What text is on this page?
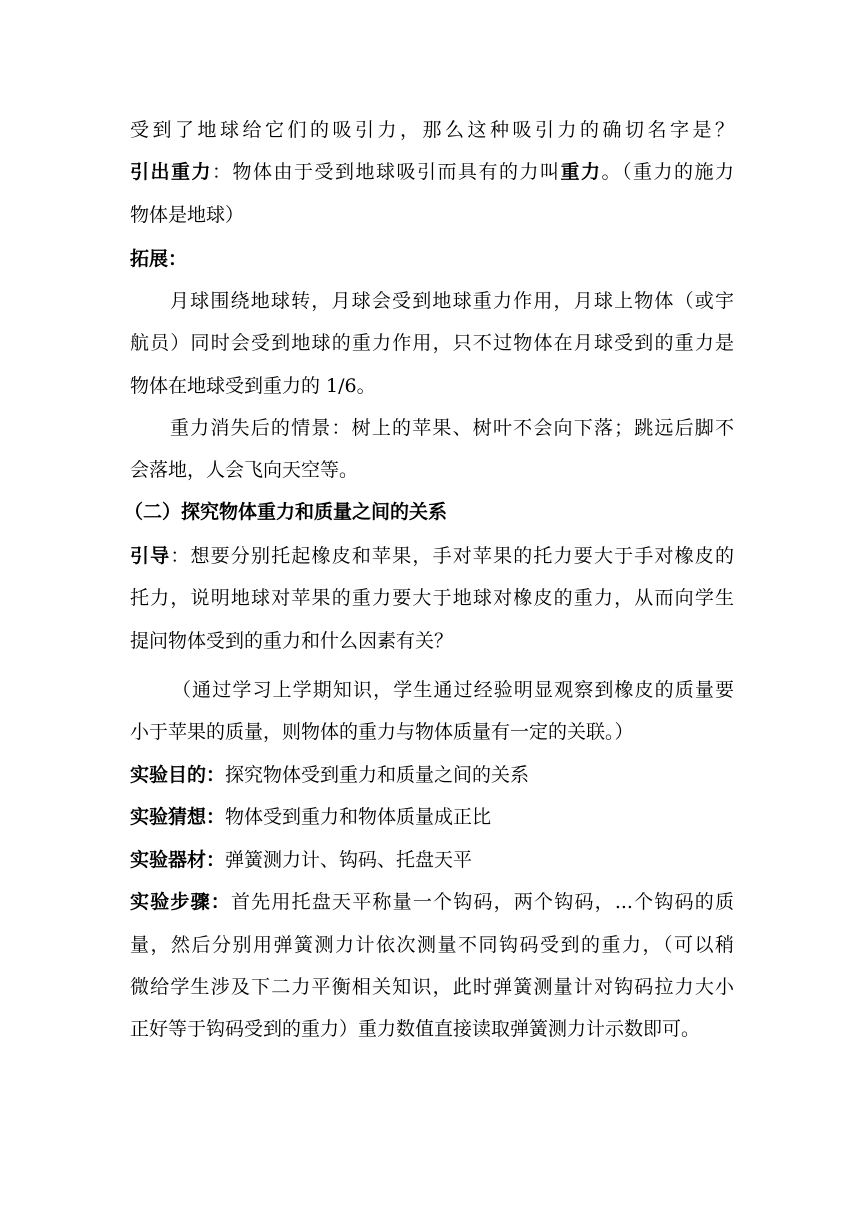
受到了地球给它们的吸引力，那么这种吸引力的确切名字是？
引出重力：物体由于受到地球吸引而具有的力叫重力。（重力的施力
物体是地球）
拓展：
月球围绕地球转，月球会受到地球重力作用，月球上物体（或宇
航员）同时会受到地球的重力作用，只不过物体在月球受到的重力是
物体在地球受到重力的 1/6。
重力消失后的情景：树上的苹果、树叶不会向下落；跳远后脚不
会落地，人会飞向天空等。
（二）探究物体重力和质量之间的关系
引导：想要分别托起橡皮和苹果，手对苹果的托力要大于手对橡皮的
托力，说明地球对苹果的重力要大于地球对橡皮的重力，从而向学生
提问物体受到的重力和什么因素有关？
（通过学习上学期知识，学生通过经验明显观察到橡皮的质量要
小于苹果的质量，则物体的重力与物体质量有一定的关联。）
实验目的：探究物体受到重力和质量之间的关系
实验猜想：物体受到重力和物体质量成正比
实验器材：弹簧测力计、钩码、托盘天平
实验步骤：首先用托盘天平称量一个钩码，两个钩码，...个钩码的质
量，然后分别用弹簧测力计依次测量不同钩码受到的重力，（可以稍
微给学生涉及下二力平衡相关知识，此时弹簧测量计对钩码拉力大小
正好等于钩码受到的重力）重力数值直接读取弹簧测力计示数即可。
